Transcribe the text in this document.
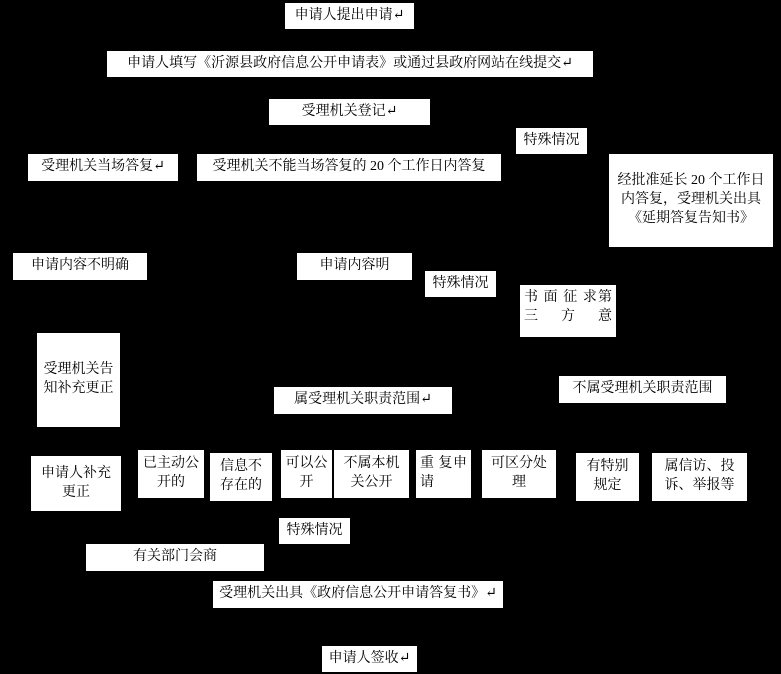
申请人提出申请↵
申请人填写《沂源县政府信息公开申请表》或通过县政府网站在线提交↵
受理机关登记↵
特殊情况
受理机关当场答复↵	受理机关不能当场答复的 20 个工作日内答复
经批准延长 20 个工作日内答复，受理机关出具《延期答复告知书》
申请内容不明确	申请内容明
特殊情况
书 面 征 求第三方意
受理机关告知补充更正
属受理机关职责范围↵
不属受理机关职责范围
申请人补充更正
已主动公开的
信息不存在的
可以公开
不属本机关公开
重 复申请
可区分处理
有特别规定
属信访、投诉、举报等
特殊情况
有关部门会商
受理机关出具《政府信息公开申请答复书》↵
申请人签收↵
